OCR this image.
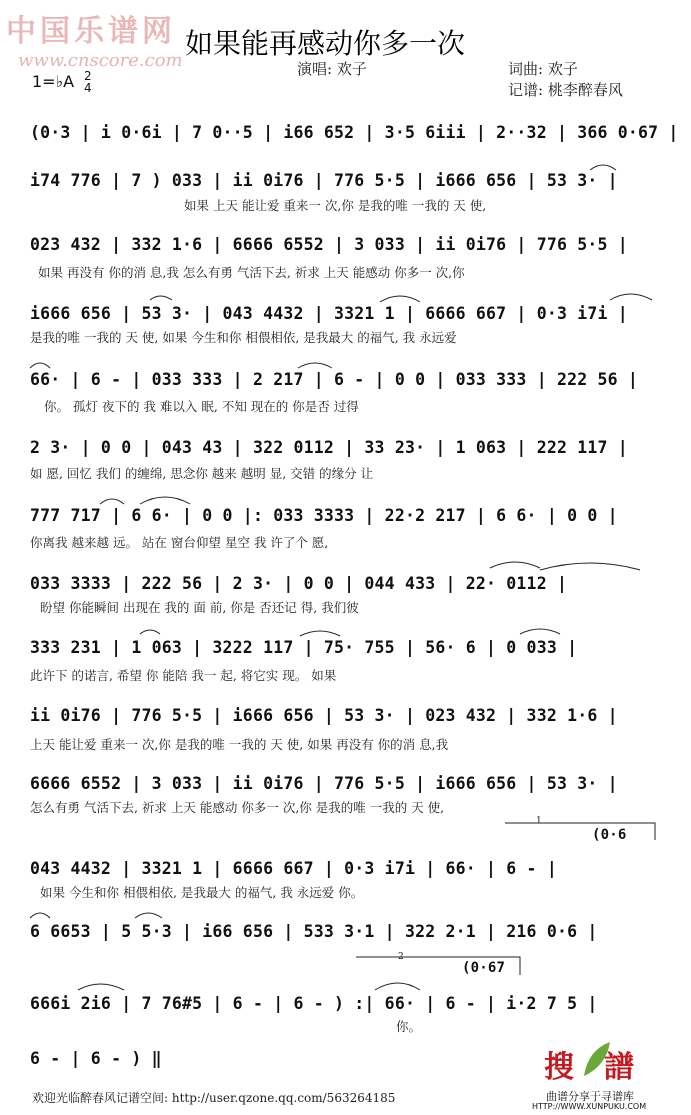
中国乐谱网
www.cnscore.com
如果能再感动你多一次
演唱: 欢子	词曲: 欢子
记谱: 桃李醉春风
1=♭A 2
4
(0·3 | i 0·6i | 7 0··5 | i66 652 | 3·5 6iii | 2··32 | 366 0·67 |
i74 776 | 7 ) 033 | ii 0i76 | 776 5·5 | i666 656 | 53 3· |
如果 上天 能让爱 重来一 次,你 是我的唯 一我的 天 使,
023 432 | 332 1·6 | 6666 6552 | 3 033 | ii 0i76 | 776 5·5 |
如果 再没有 你的消 息,我 怎么有勇 气活下去, 祈求 上天 能感动 你多一 次,你
i666 656 | 53 3· | 043 4432 | 3321 1 | 6666 667 | 0·3 i7i |
是我的唯 一我的 天 使, 如果 今生和你 相偎相依, 是我最大 的福气, 我 永远爱
66· | 6 - | 033 333 | 2 217 | 6 - | 0 0 | 033 333 | 222 56 |
你。 孤灯 夜下的 我 难以入 眠, 不知 现在的 你是否 过得
2 3· | 0 0 | 043 43 | 322 0112 | 33 23· | 1 063 | 222 117 |
如 愿, 回忆 我们 的缠绵, 思念你 越来 越明 显, 交错 的缘分 让
777 717 | 6 6· | 0 0 |: 033 3333 | 22·2 217 | 6 6· | 0 0 |
你离我 越来越 远。 站在 窗台仰望 星空 我 许了个 愿,
033 3333 | 222 56 | 2 3· | 0 0 | 044 433 | 22· 0112 |
盼望 你能瞬间 出现在 我的 面 前, 你是 否还记 得, 我们彼
333 231 | 1 063 | 3222 117 | 75· 755 | 56· 6 | 0 033 |
此许下 的诺言, 希望 你 能陪 我一 起, 将它实 现。 如果
ii 0i76 | 776 5·5 | i666 656 | 53 3· | 023 432 | 332 1·6 |
上天 能让爱 重来一 次,你 是我的唯 一我的 天 使, 如果 再没有 你的消 息,我
6666 6552 | 3 033 | ii 0i76 | 776 5·5 | i666 656 | 53 3· |
怎么有勇 气活下去, 祈求 上天 能感动 你多一 次,你 是我的唯 一我的 天 使,
(0·6
1
043 4432 | 3321 1 | 6666 667 | 0·3 i7i | 66· | 6 - |
如果 今生和你 相偎相依, 是我最大 的福气, 我 永远爱 你。
6 6653 | 5 5·3 | i66 656 | 533 3·1 | 322 2·1 | 216 0·6 |
(0·67
2
666i 2i6 | 7 76#5 | 6 - | 6 - ) :| 66· | 6 - | i·2 7 5 |
你。
6 - | 6 - ) ‖
欢迎光临醉春风记谱空间: http://user.qzone.qq.com/563264185
搜 譜
曲谱分享于寻谱库
HTTP://WWW.XUNPUKU.COM
